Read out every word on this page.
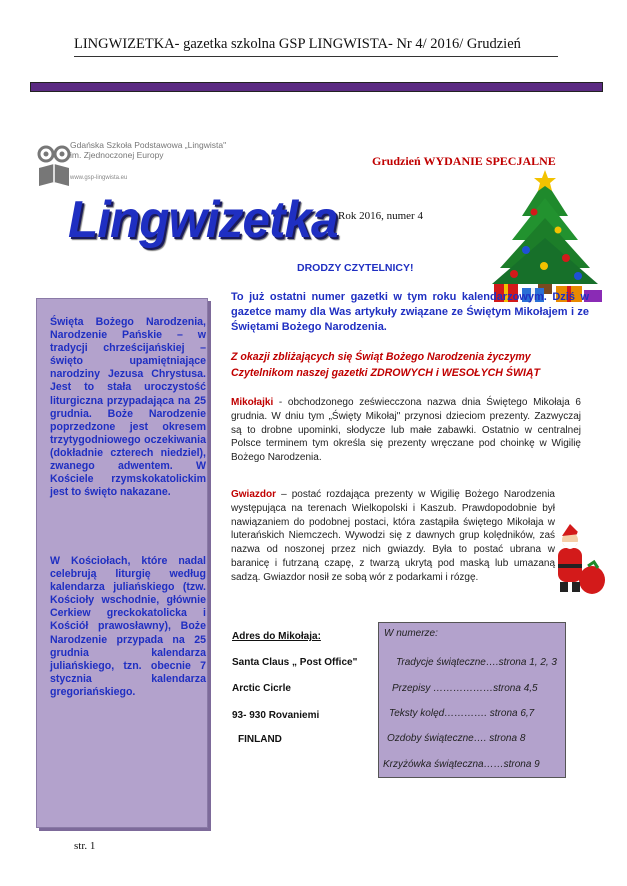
LINGWIZETKA- gazetka szkolna GSP LINGWISTA- Nr 4/ 2016/ Grudzień
Gdańska Szkoła Podstawowa „Lingwista"
im. Zjednoczonej Europy
www.gsp-lingwista.eu
Lingwizetka Rok 2016, numer 4
Grudzień WYDANIE SPECJALNE
DRODZY CZYTELNICY!
Święta Bożego Narodzenia, Narodzenie Pańskie – w tradycji chrześcijańskiej – święto upamiętniające narodziny Jezusa Chrystusa. Jest to stała uroczystość liturgiczna przypadająca na 25 grudnia. Boże Narodzenie poprzedzone jest okresem trzytygodniowego oczekiwania (dokładnie czterech niedziel), zwanego adwentem. W Kościele rzymskokatolickim jest to święto nakazane.
W Kościołach, które nadal celebrują liturgię według kalendarza juliańskiego (tzw. Kościoły wschodnie, głównie Cerkiew greckokatolicka i Kościół prawosławny), Boże Narodzenie przypada na 25 grudnia kalendarza juliańskiego, tzn. obecnie 7 stycznia kalendarza gregoriańskiego.
To już ostatni numer gazetki w tym roku kalendarzowym. Dziś w gazetce mamy dla Was artykuły związane ze Świętym Mikołajem i ze Świętami Bożego Narodzenia.
Z okazji zbliżających się Świąt Bożego Narodzenia życzymy Czytelnikom naszej gazetki ZDROWYCH i WESOŁYCH ŚWIĄT
Mikołajki - obchodzonego zeświecczona nazwa dnia Świętego Mikołaja 6 grudnia. W dniu tym „Święty Mikołaj" przynosi dzieciom prezenty. Zazwyczaj są to drobne upominki, słodycze lub małe zabawki. Ostatnio w centralnej Polsce terminem tym określa się prezenty wręczane pod choinkę w Wigilię Bożego Narodzenia.
Gwiazdor – postać rozdająca prezenty w Wigilię Bożego Narodzenia występująca na terenach Wielkopolski i Kaszub. Prawdopodobnie był nawiązaniem do podobnej postaci, która zastąpiła świętego Mikołaja w luterańskich Niemczech. Wywodzi się z dawnych grup kolędników, zaś nazwa od noszonej przez nich gwiazdy. Była to postać ubrana w baranicę i futrzaną czapę, z twarzą ukrytą pod maską lub umazaną sadzą. Gwiazdor nosił ze sobą wór z podarkami i rózgę.
Adres do Mikołaja:
Santa Claus „ Post Office"
Arctic Cicrle
93- 930 Rovaniemi
FINLAND
W numerze:
Tradycje świąteczne….strona 1, 2, 3
Przepisy ………………strona 4,5
Teksty kolęd…………. strona 6,7
Ozdoby świąteczne…. strona 8
Krzyżówka świąteczna……strona 9
str. 1
